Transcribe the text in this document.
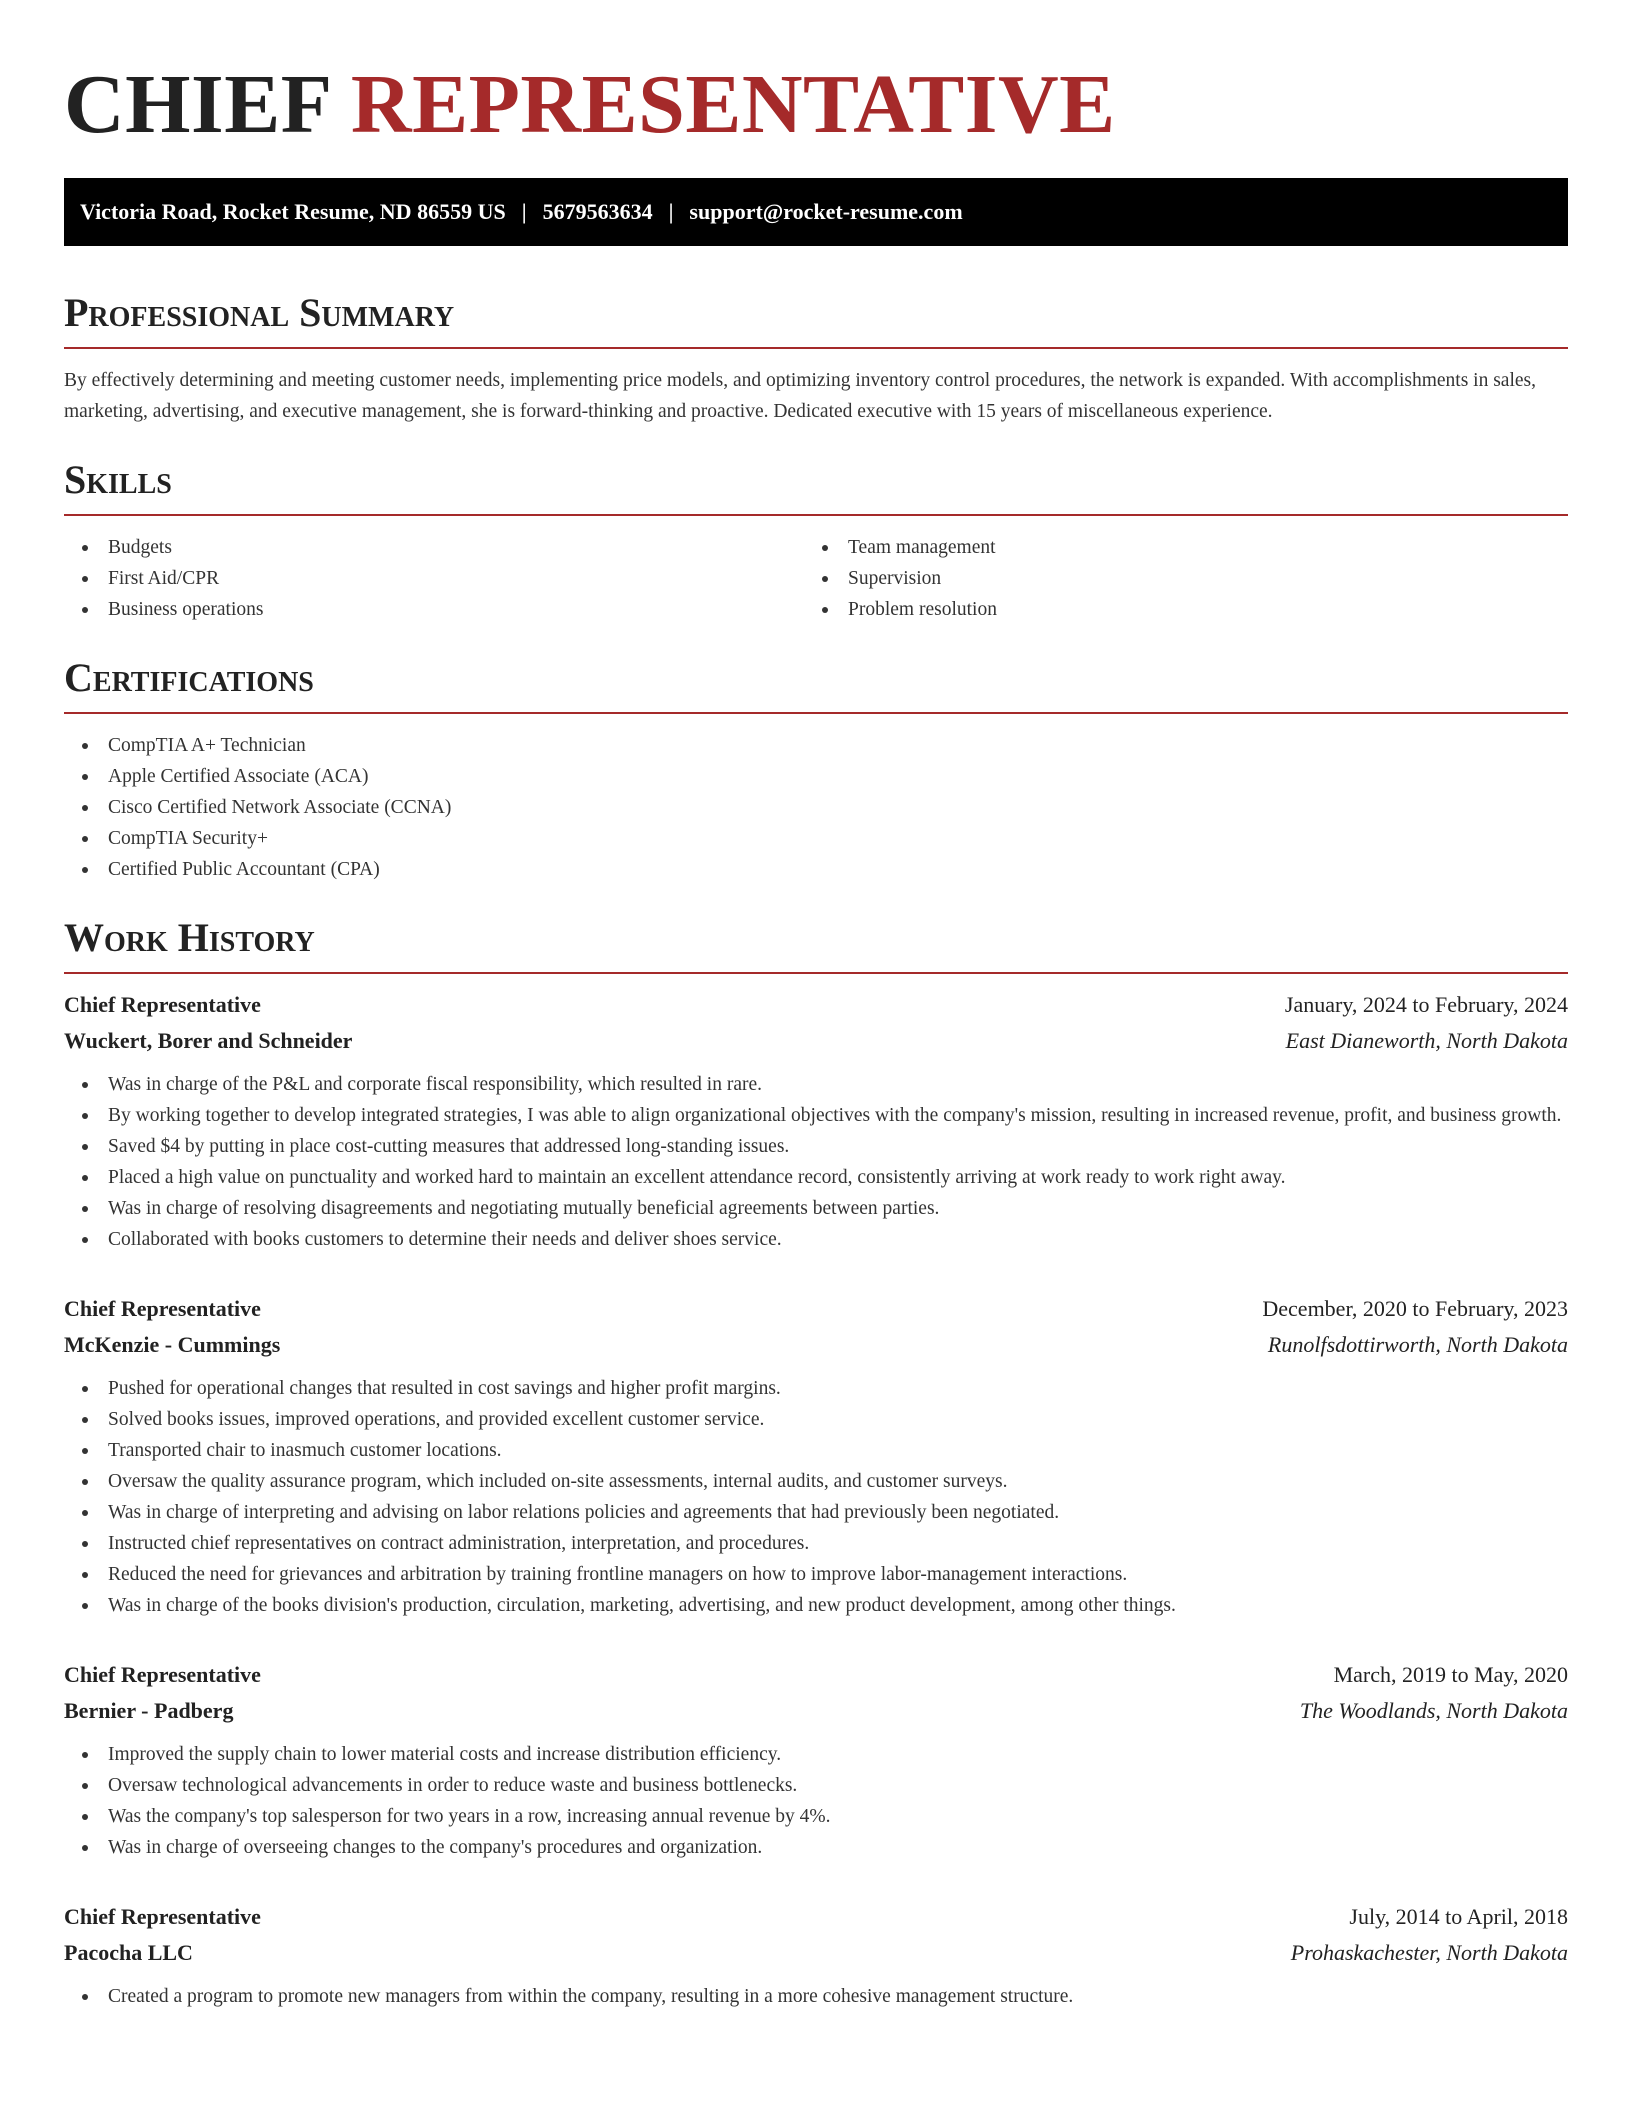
CHIEF REPRESENTATIVE
Victoria Road, Rocket Resume, ND 86559 US | 5679563634 | support@rocket-resume.com
Professional Summary
By effectively determining and meeting customer needs, implementing price models, and optimizing inventory control procedures, the network is expanded. With accomplishments in sales, marketing, advertising, and executive management, she is forward-thinking and proactive. Dedicated executive with 15 years of miscellaneous experience.
Skills
Budgets
First Aid/CPR
Business operations
Team management
Supervision
Problem resolution
Certifications
CompTIA A+ Technician
Apple Certified Associate (ACA)
Cisco Certified Network Associate (CCNA)
CompTIA Security+
Certified Public Accountant (CPA)
Work History
Chief Representative	January, 2024 to February, 2024
Wuckert, Borer and Schneider	East Dianeworth, North Dakota
Was in charge of the P&L and corporate fiscal responsibility, which resulted in rare.
By working together to develop integrated strategies, I was able to align organizational objectives with the company's mission, resulting in increased revenue, profit, and business growth.
Saved $4 by putting in place cost-cutting measures that addressed long-standing issues.
Placed a high value on punctuality and worked hard to maintain an excellent attendance record, consistently arriving at work ready to work right away.
Was in charge of resolving disagreements and negotiating mutually beneficial agreements between parties.
Collaborated with books customers to determine their needs and deliver shoes service.
Chief Representative	December, 2020 to February, 2023
McKenzie - Cummings	Runolfsdottirworth, North Dakota
Pushed for operational changes that resulted in cost savings and higher profit margins.
Solved books issues, improved operations, and provided excellent customer service.
Transported chair to inasmuch customer locations.
Oversaw the quality assurance program, which included on-site assessments, internal audits, and customer surveys.
Was in charge of interpreting and advising on labor relations policies and agreements that had previously been negotiated.
Instructed chief representatives on contract administration, interpretation, and procedures.
Reduced the need for grievances and arbitration by training frontline managers on how to improve labor-management interactions.
Was in charge of the books division's production, circulation, marketing, advertising, and new product development, among other things.
Chief Representative	March, 2019 to May, 2020
Bernier - Padberg	The Woodlands, North Dakota
Improved the supply chain to lower material costs and increase distribution efficiency.
Oversaw technological advancements in order to reduce waste and business bottlenecks.
Was the company's top salesperson for two years in a row, increasing annual revenue by 4%.
Was in charge of overseeing changes to the company's procedures and organization.
Chief Representative	July, 2014 to April, 2018
Pacocha LLC	Prohaskachester, North Dakota
Created a program to promote new managers from within the company, resulting in a more cohesive management structure.
